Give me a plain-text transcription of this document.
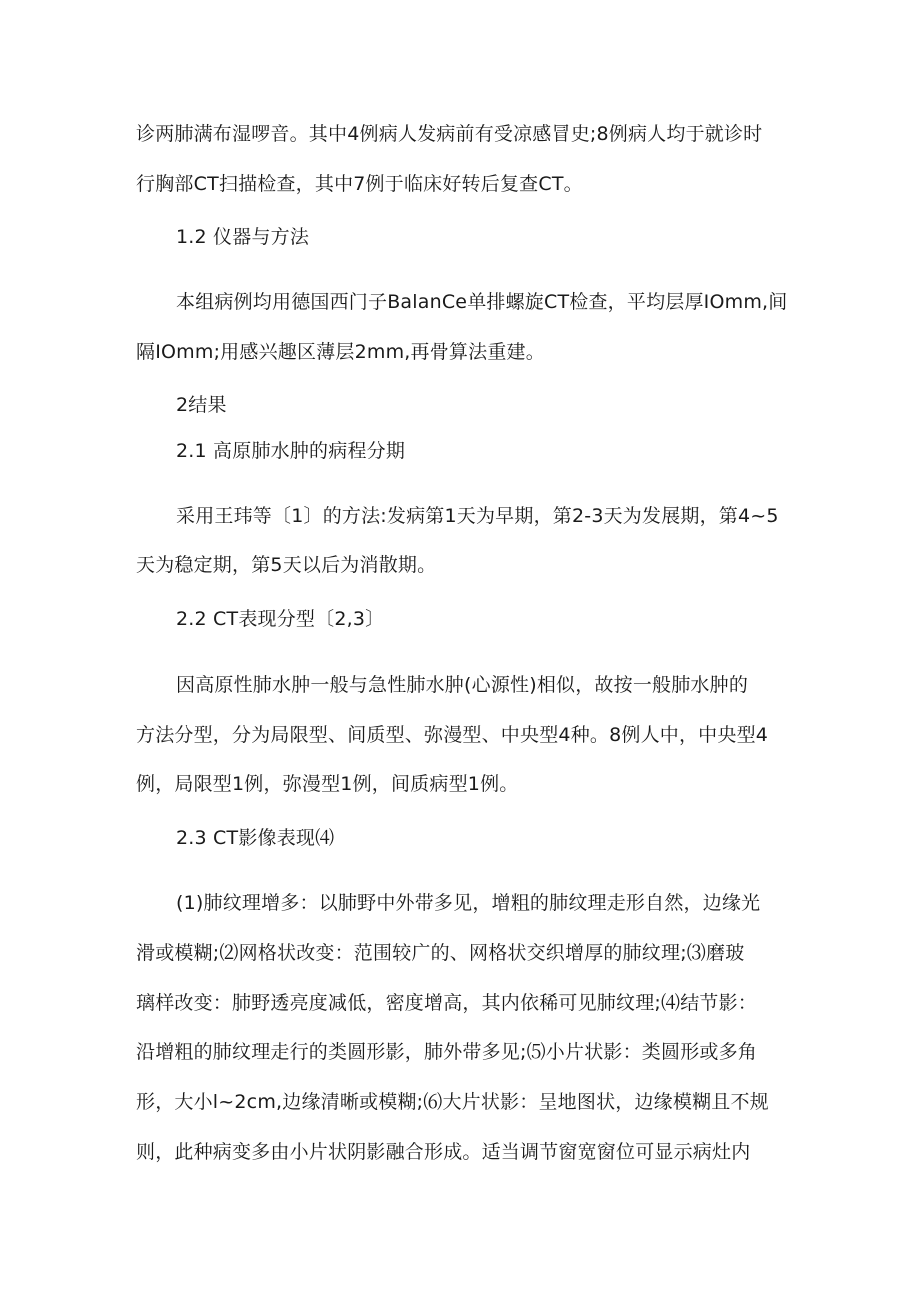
诊两肺满布湿啰音。其中4例病人发病前有受凉感冒史;8例病人均于就诊时
行胸部CT扫描检查，其中7例于临床好转后复查CT。
1.2 仪器与方法
本组病例均用德国西门子BalanCe单排螺旋CT检查，平均层厚IOmm,间
隔IOmm;用感兴趣区薄层2mm,再骨算法重建。
2结果
2.1 高原肺水肿的病程分期
采用王玮等〔1〕的方法:发病第1天为早期，第2-3天为发展期，第4~5
天为稳定期，第5天以后为消散期。
2.2 CT表现分型〔2,3〕
因高原性肺水肿一般与急性肺水肿(心源性)相似，故按一般肺水肿的
方法分型，分为局限型、间质型、弥漫型、中央型4种。8例人中，中央型4
例，局限型1例，弥漫型1例，间质病型1例。
2.3 CT影像表现⑷
(1)肺纹理增多：以肺野中外带多见，增粗的肺纹理走形自然，边缘光
滑或模糊;⑵网格状改变：范围较广的、网格状交织增厚的肺纹理;⑶磨玻
璃样改变：肺野透亮度减低，密度增高，其内依稀可见肺纹理;⑷结节影：
沿增粗的肺纹理走行的类圆形影，肺外带多见;⑸小片状影：类圆形或多角
形，大小l~2cm,边缘清晰或模糊;⑹大片状影：呈地图状，边缘模糊且不规
则，此种病变多由小片状阴影融合形成。适当调节窗宽窗位可显示病灶内
